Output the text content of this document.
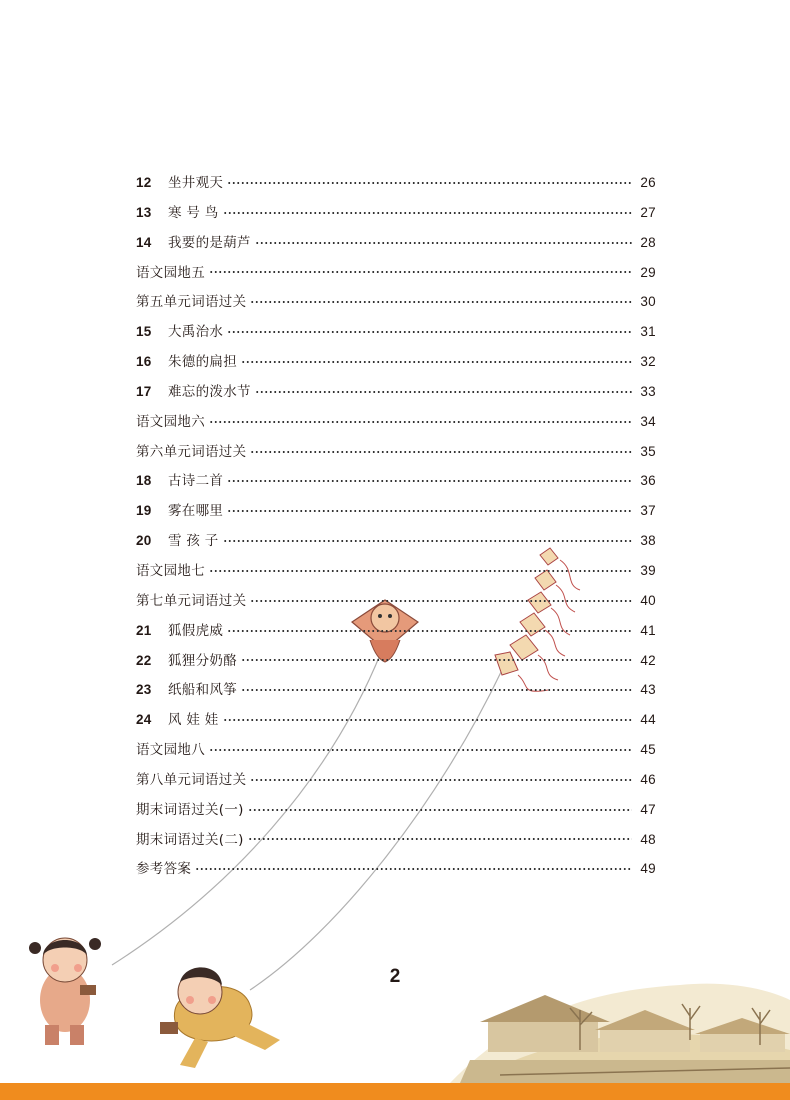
12	坐井观天	26
13	寒 号 鸟	27
14	我要的是葫芦	28
语文园地五	29
第五单元词语过关	30
15	大禹治水	31
16	朱德的扁担	32
17	难忘的泼水节	33
语文园地六	34
第六单元词语过关	35
18	古诗二首	36
19	雾在哪里	37
20	雪 孩 子	38
语文园地七	39
第七单元词语过关	40
21	狐假虎威	41
22	狐狸分奶酪	42
23	纸船和风筝	43
24	风 娃 娃	44
语文园地八	45
第八单元词语过关	46
期末词语过关(一)	47
期末词语过关(二)	48
参考答案	49
2
